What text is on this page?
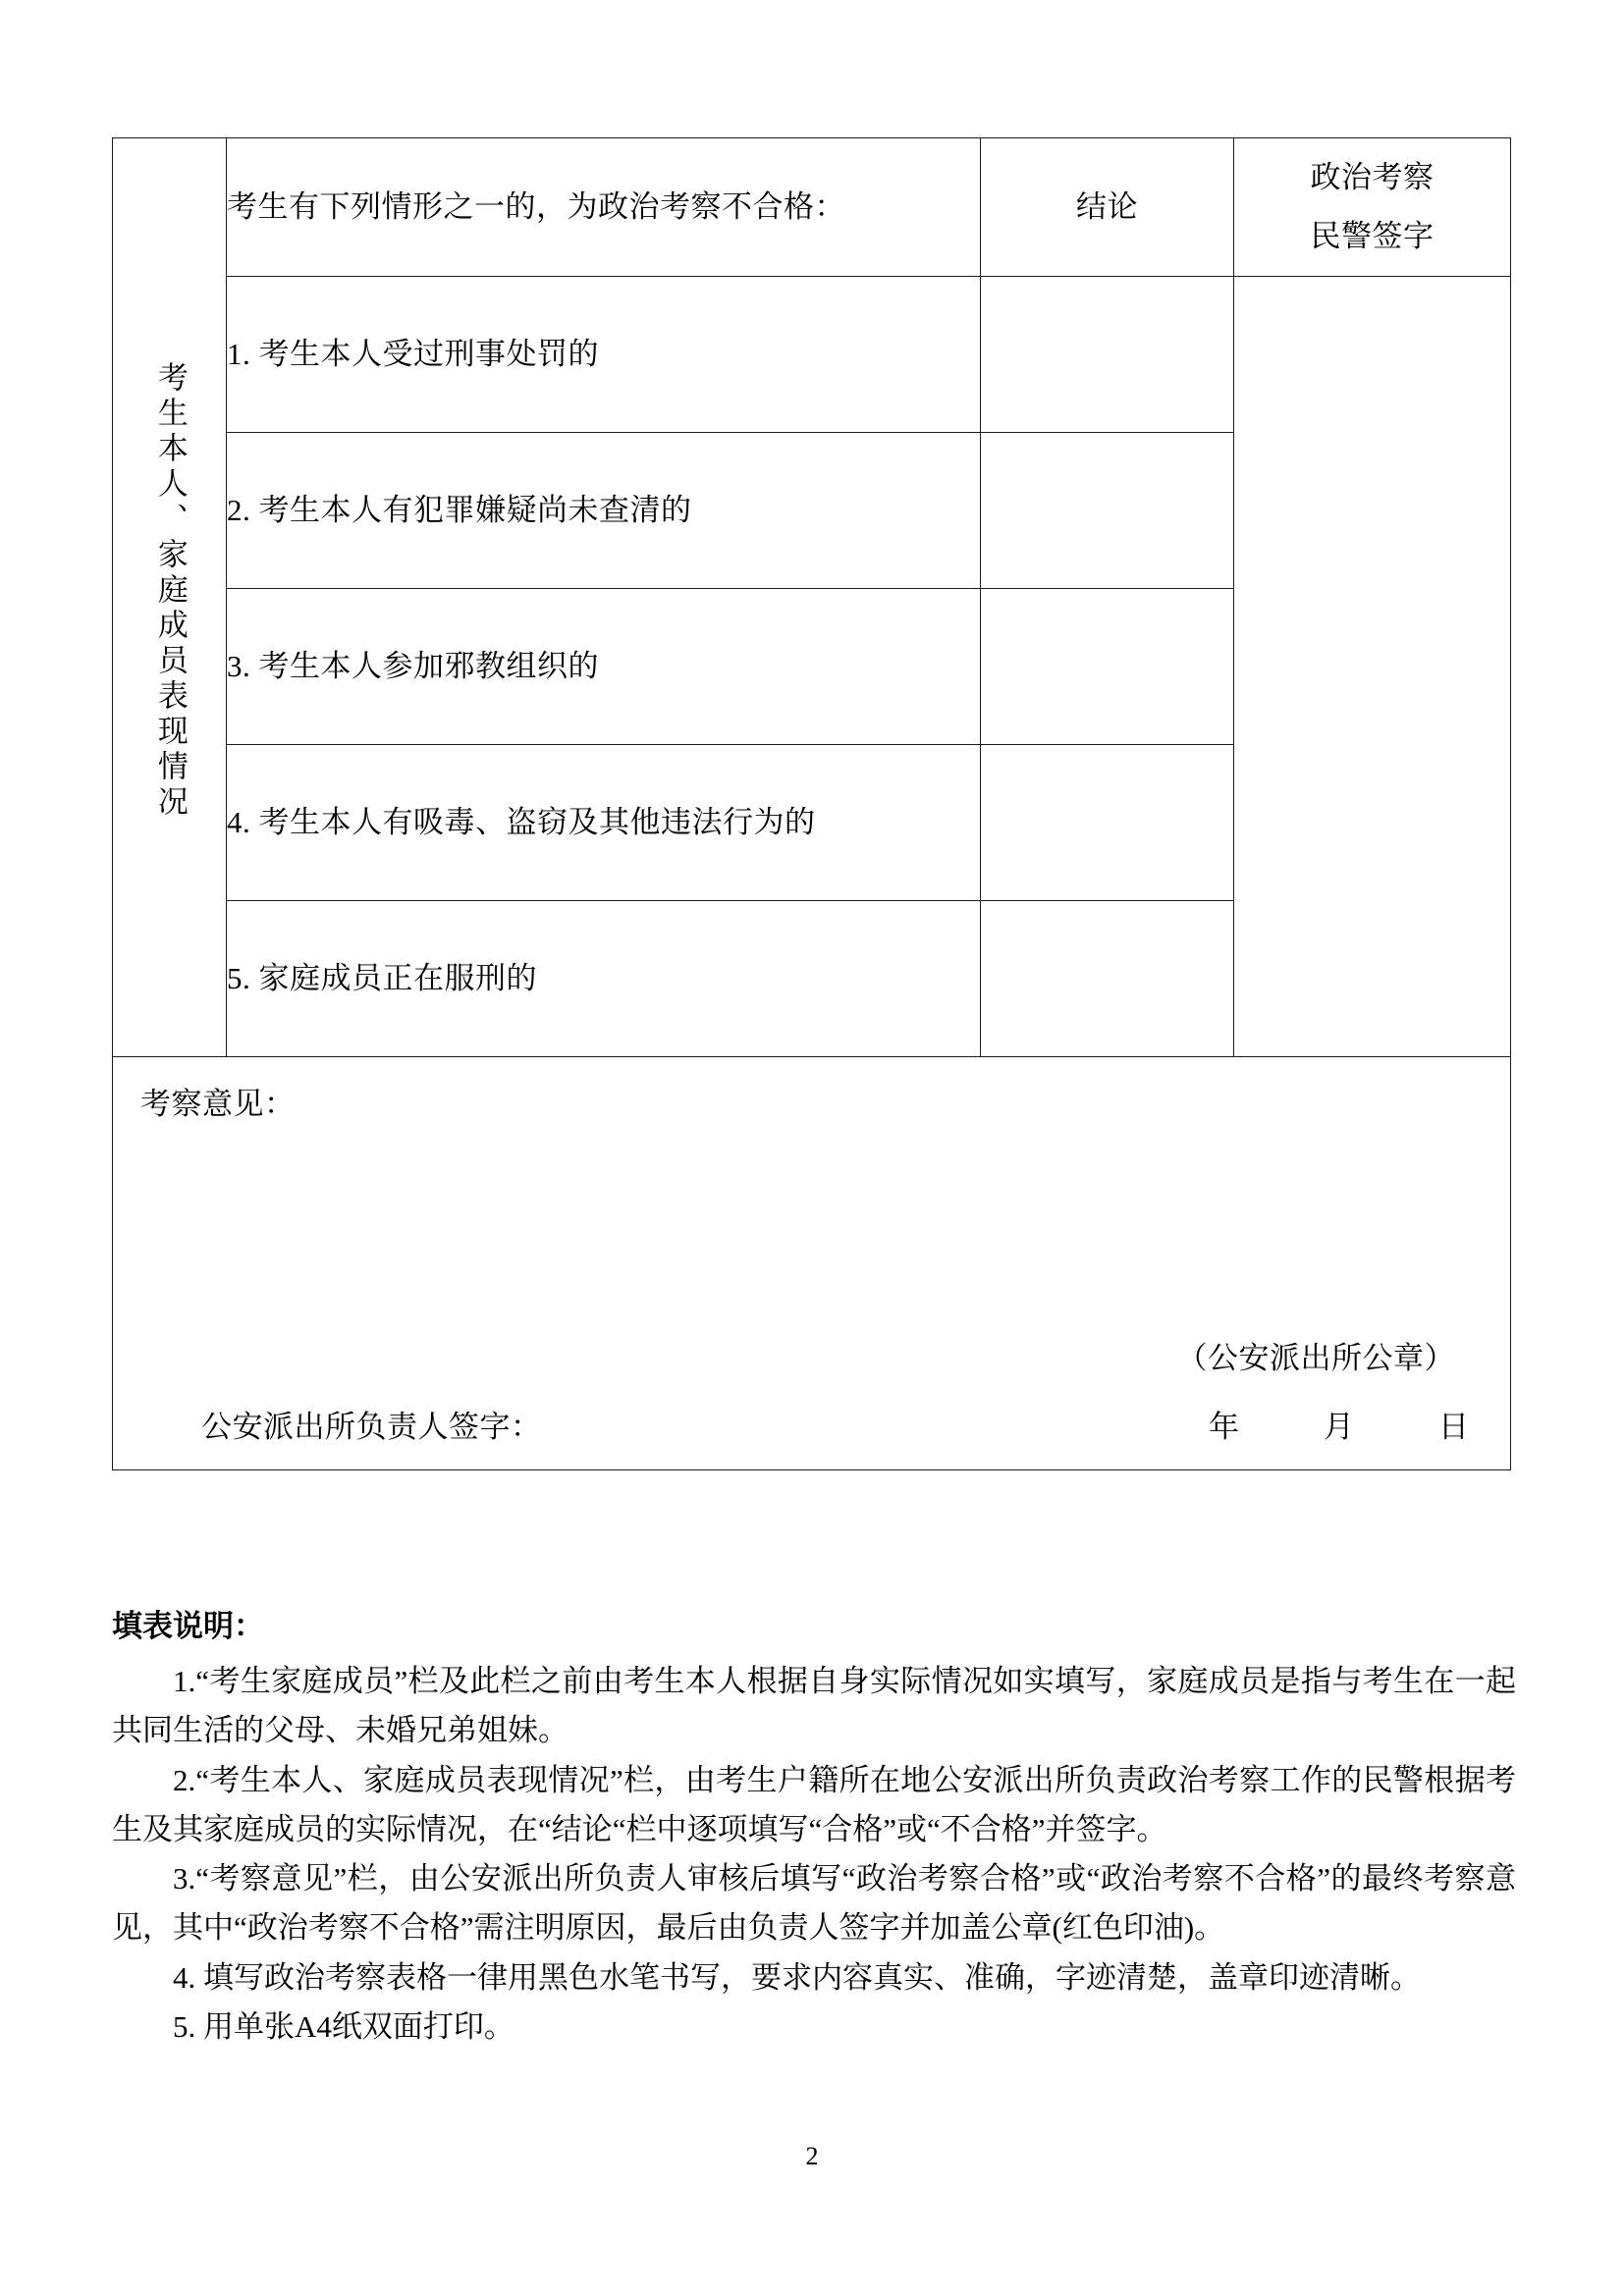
考生本人、家庭成员表现情况	考生有下列情形之一的，为政治考察不合格：	结论	政治考察
民警签字

	1. 考生本人受过刑事处罚的		
	2. 考生本人有犯罪嫌疑尚未查清的		
	3. 考生本人参加邪教组织的		
	4. 考生本人有吸毒、盗窃及其他违法行为的		
	5. 家庭成员正在服刑的		

考察意见：
（公安派出所公章）
公安派出所负责人签字： 年 月 日			
填表说明：

1.“考生家庭成员”栏及此栏之前由考生本人根据自身实际情况如实填写，家庭成员是指与考生在一起共同生活的父母、未婚兄弟姐妹。

2.“考生本人、家庭成员表现情况”栏，由考生户籍所在地公安派出所负责政治考察工作的民警根据考生及其家庭成员的实际情况，在“结论“栏中逐项填写“合格”或“不合格”并签字。

3.“考察意见”栏，由公安派出所负责人审核后填写“政治考察合格”或“政治考察不合格”的最终考察意见，其中“政治考察不合格”需注明原因，最后由负责人签字并加盖公章(红色印油)。

4. 填写政治考察表格一律用黑色水笔书写，要求内容真实、准确，字迹清楚，盖章印迹清晰。

5. 用单张A4纸双面打印。

2
